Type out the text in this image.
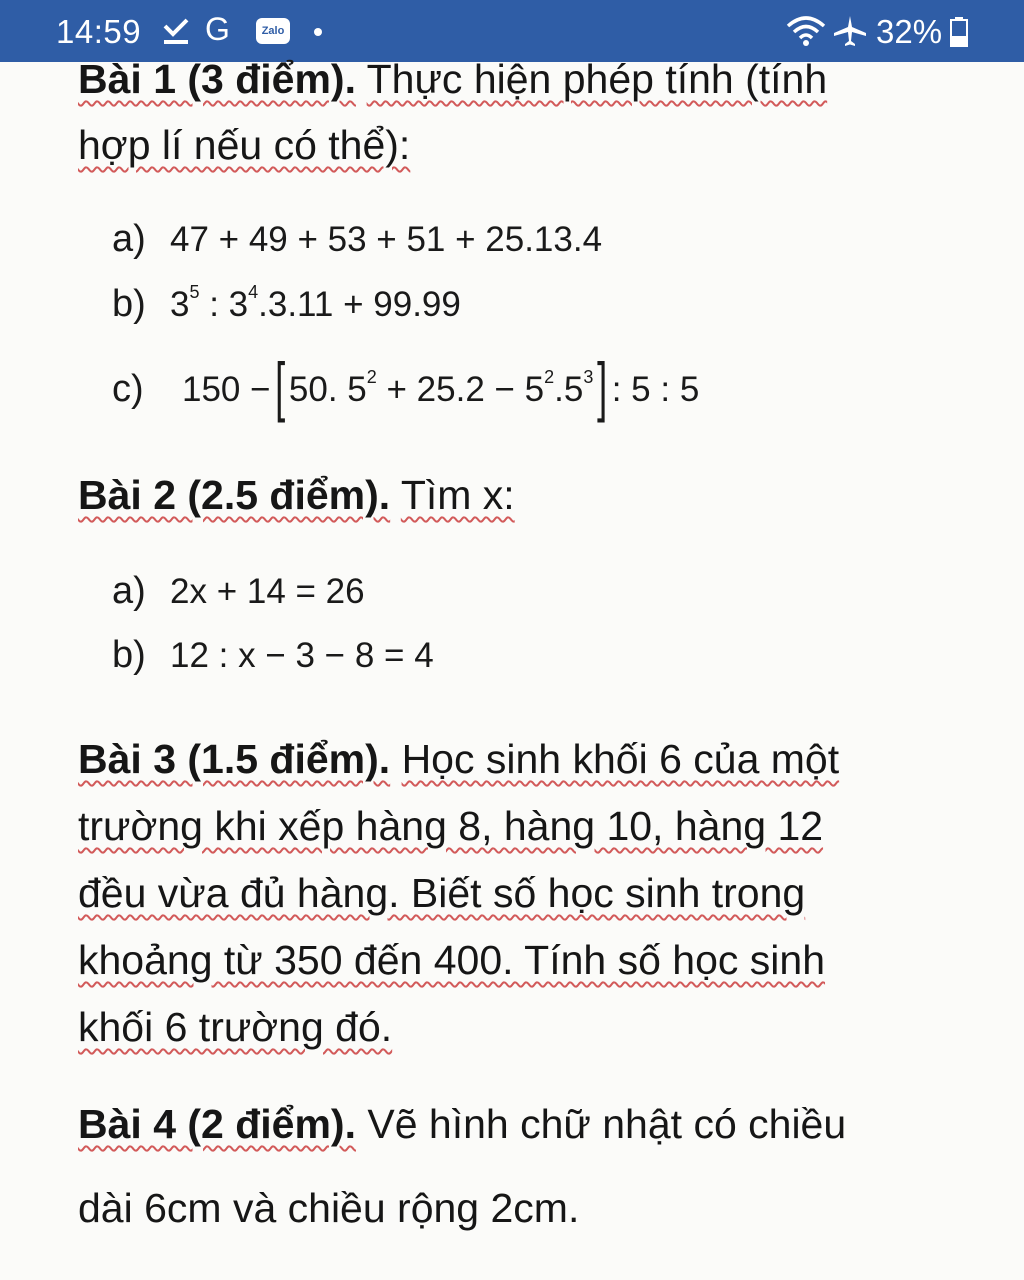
14:59 G	Zalo	32%
Bài 1 (3 điểm). Thực hiện phép tính (tính
hợp lí nếu có thể):
a) 47 + 49 + 53 + 51 + 25.13.4
b) $3^5$ : $3^4.3.11 + 99.99$
c) 150 −[ 50. $5^2 + 25.2 - 5^2.5^3$] : 5 : 5
Bài 2 (2.5 điểm). Tìm x:
a) 2x + 14 = 26
b) 12 : x − 3 − 8 = 4
Bài 3 (1.5 điểm). Học sinh khối 6 của một
trường khi xếp hàng 8, hàng 10, hàng 12
đều vừa đủ hàng. Biết số học sinh trong
khoảng từ 350 đến 400. Tính số học sinh
khối 6 trường đó.
Bài 4 (2 điểm). Vẽ hình chữ nhật có chiều
dài 6cm và chiều rộng 2cm.
